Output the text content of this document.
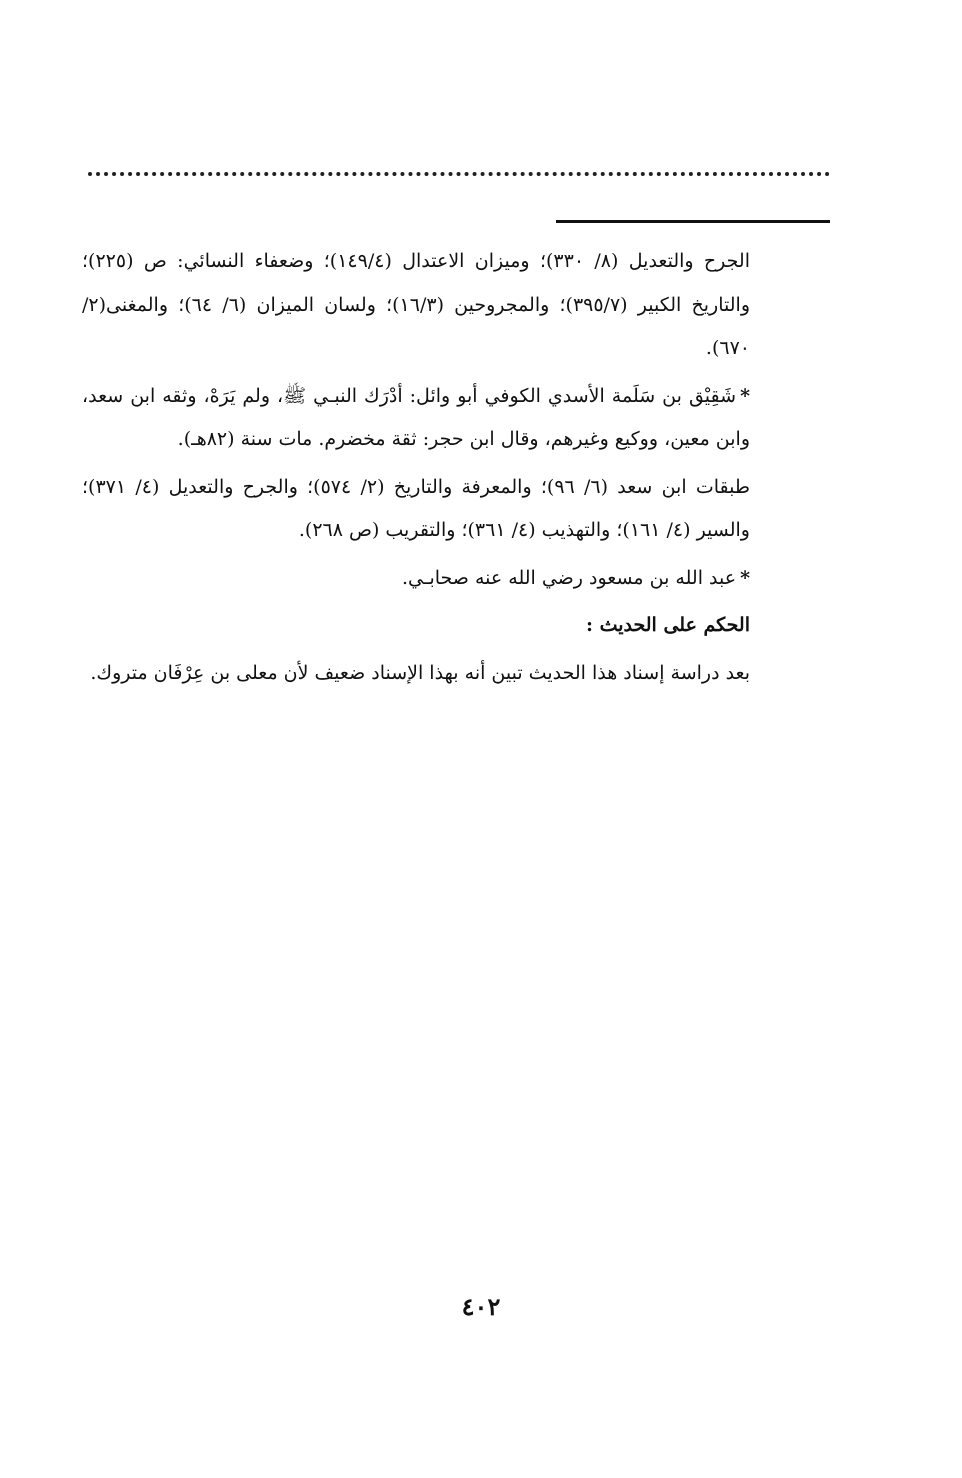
الجرح والتعديل (٨/ ٣٣٠)؛ وميزان الاعتدال (١٤٩/٤)؛ وضعفاء النسائي: ص (٢٢٥)؛ والتاريخ الكبير (٣٩٥/٧)؛ والمجروحين (١٦/٣)؛ ولسان الميزان (٦/ ٦٤)؛ والمغنى(٢/ ٦٧٠).

*شَقِيْق بن سَلَمة الأسدي الكوفي أبو وائل: أدْرَك النبـي ﷺ، ولم يَرَهْ، وثقه ابن سعد، وابن معين، ووكيع وغيرهم، وقال ابن حجر: ثقة مخضرم. مات سنة (٨٢هـ).

طبقات ابن سعد (٦/ ٩٦)؛ والمعرفة والتاريخ (٢/ ٥٧٤)؛ والجرح والتعديل (٤/ ٣٧١)؛ والسير (٤/ ١٦١)؛ والتهذيب (٤/ ٣٦١)؛ والتقريب (ص ٢٦٨).

*عبد الله بن مسعود رضي الله عنه صحابـي.

الحكم على الحديث :

بعد دراسة إسناد هذا الحديث تبين أنه بهذا الإسناد ضعيف لأن معلى بن عِرْفَان متروك.

٤٠٢
